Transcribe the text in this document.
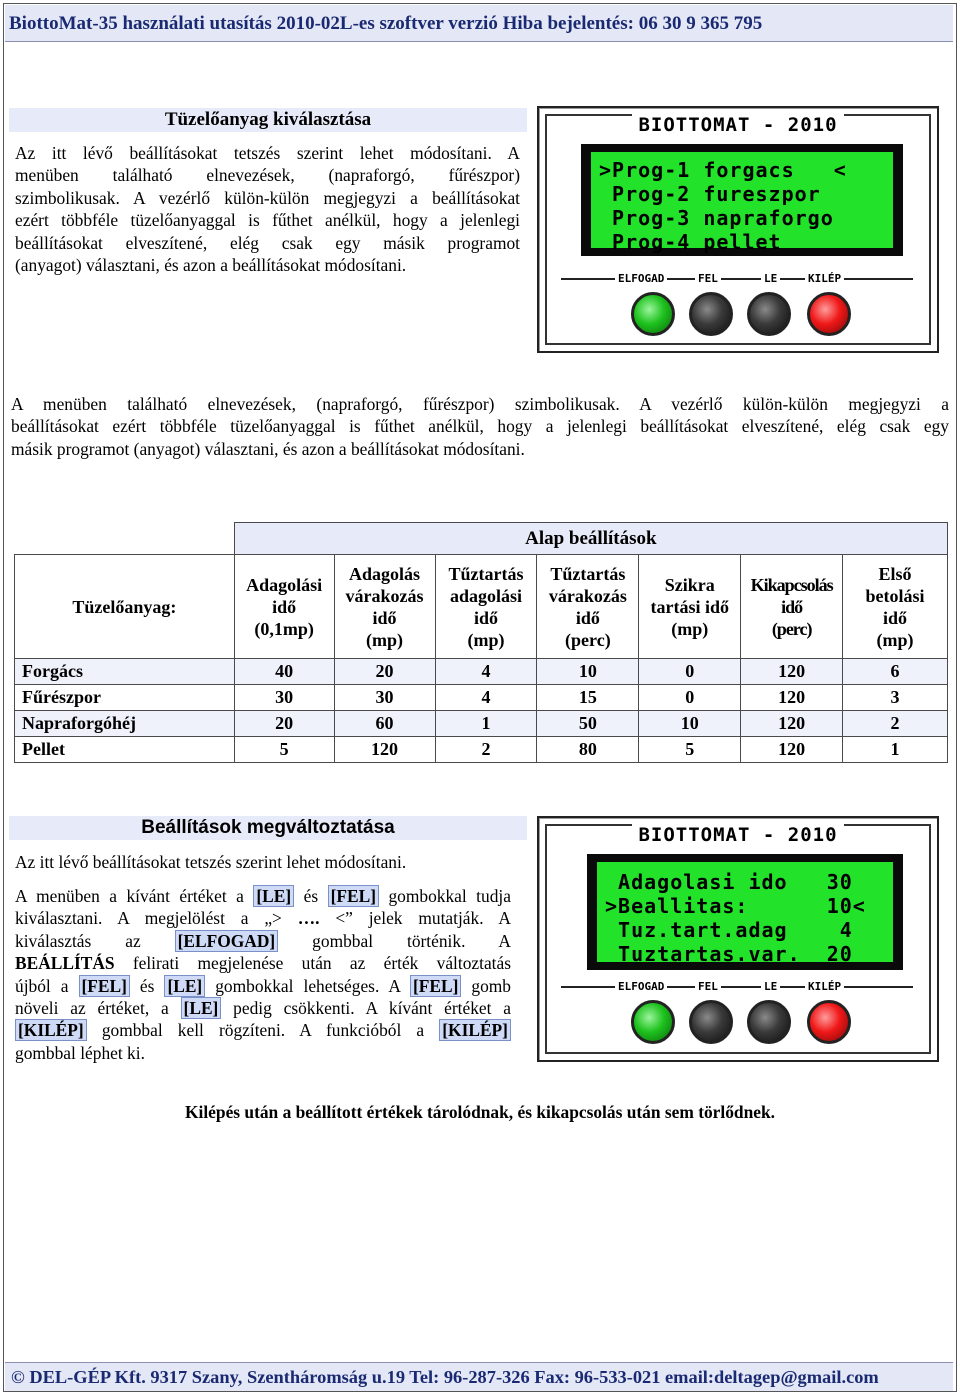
BiottoMat-35 használati utasítás 2010-02L-es szoftver verzió Hiba bejelentés: 06 30 9 365 795
Tüzelőanyag kiválasztása
Az itt lévő beállításokat tetszés szerint lehet módosítani. A
menüben található elnevezések, (napraforgó, fűrészpor)
szimbolikusak. A vezérlő külön-külön megjegyzi a beállításokat
ezért többféle tüzelőanyaggal is fűthet anélkül, hogy a jelenlegi
beállításokat elveszítené, elég csak egy másik programot
(anyagot) választani, és azon a beállításokat módosítani.
BIOTTOMAT - 2010
>Prog-1 forgacs   <
Prog-2 fureszpor
Prog-3 napraforgo
Prog-4 pellet
ELFOGAD	FEL	LE	KILÉP
A menüben található elnevezések, (napraforgó, fűrészpor) szimbolikusak. A vezérlő külön-külön megjegyzi a
beállításokat ezért többféle tüzelőanyaggal is fűthet anélkül, hogy a jelenlegi beállításokat elveszítené, elég csak egy
másik programot (anyagot) választani, és azon a beállításokat módosítani.
	Alap beállítások						
Tüzelőanyag:	Adagolási
idő
(0,1mp)	Adagolás
várakozás
idő
(mp)	Tűztartás
adagolási
idő
(mp)	Tűztartás
várakozás
idő
(perc)	Szikra
tartási idő
(mp)	Kikapcsolás
idő
(perc)	Első
betolási
idő
(mp)
Forgács	40	20	4	10	0	120	6
Fűrészpor	30	30	4	15	0	120	3
Napraforgóhéj	20	60	1	50	10	120	2
Pellet	5	120	2	80	5	120	1
Beállítások megváltoztatása
Az itt lévő beállításokat tetszés szerint lehet módosítani.
A menüben a kívánt értéket a [LE] és [FEL] gombokkal tudja
kiválasztani. A megjelölést a „> …. <” jelek mutatják. A
kiválasztás az [ELFOGAD] gombbal történik. A
BEÁLLÍTÁS felirati megjelenése után az érték változtatás
újból a [FEL] és [LE] gombokkal lehetséges. A [FEL] gomb
növeli az értéket, a [LE] pedig csökkenti. A kívánt értéket a
[KILÉP] gombbal kell rögzíteni. A funkcióból a [KILÉP]
gombbal léphet ki.
BIOTTOMAT - 2010
Adagolasi ido   30
>Beallitas:      10<
Tuz.tart.adag    4
Tuztartas.var.  20
ELFOGAD	FEL	LE	KILÉP
Kilépés után a beállított értékek tárolódnak, és kikapcsolás után sem törlődnek.
© DEL-GÉP Kft. 9317 Szany, Szentháromság u.19 Tel: 96-287-326 Fax: 96-533-021 email:deltagep@gmail.com
